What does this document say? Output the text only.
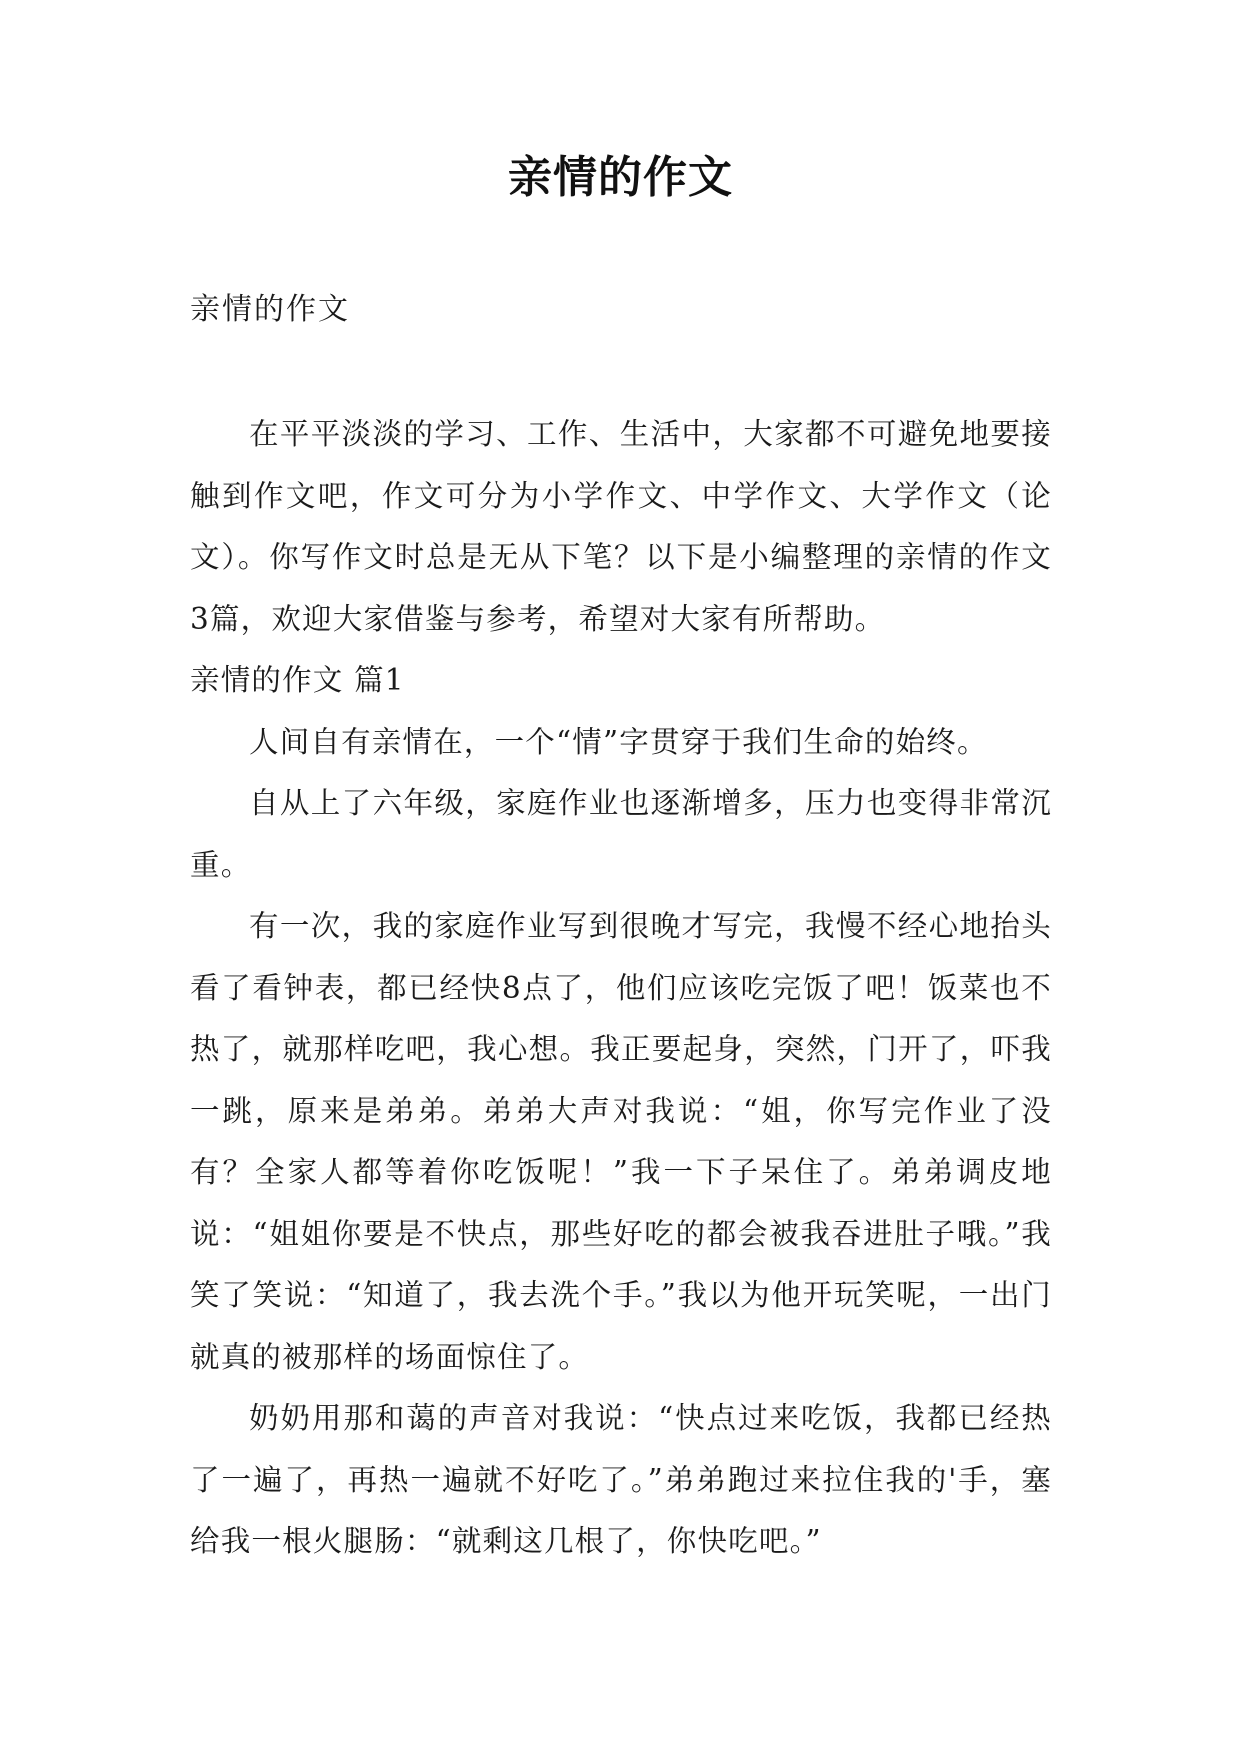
亲情的作文
亲情的作文

在平平淡淡的学习、工作、生活中，大家都不可避免地要接触到作文吧，作文可分为小学作文、中学作文、大学作文（论文）。你写作文时总是无从下笔？以下是小编整理的亲情的作文3篇，欢迎大家借鉴与参考，希望对大家有所帮助。

亲情的作文 篇1

人间自有亲情在，一个“情”字贯穿于我们生命的始终。

自从上了六年级，家庭作业也逐渐增多，压力也变得非常沉重。

有一次，我的家庭作业写到很晚才写完，我慢不经心地抬头看了看钟表，都已经快8点了，他们应该吃完饭了吧！饭菜也不热了，就那样吃吧，我心想。我正要起身，突然，门开了，吓我一跳，原来是弟弟。弟弟大声对我说：“姐，你写完作业了没有？全家人都等着你吃饭呢！”我一下子呆住了。弟弟调皮地说：“姐姐你要是不快点，那些好吃的都会被我吞进肚子哦。”我笑了笑说：“知道了，我去洗个手。”我以为他开玩笑呢，一出门就真的被那样的场面惊住了。

奶奶用那和蔼的声音对我说：“快点过来吃饭，我都已经热了一遍了，再热一遍就不好吃了。”弟弟跑过来拉住我的'手，塞给我一根火腿肠：“就剩这几根了，你快吃吧。”
